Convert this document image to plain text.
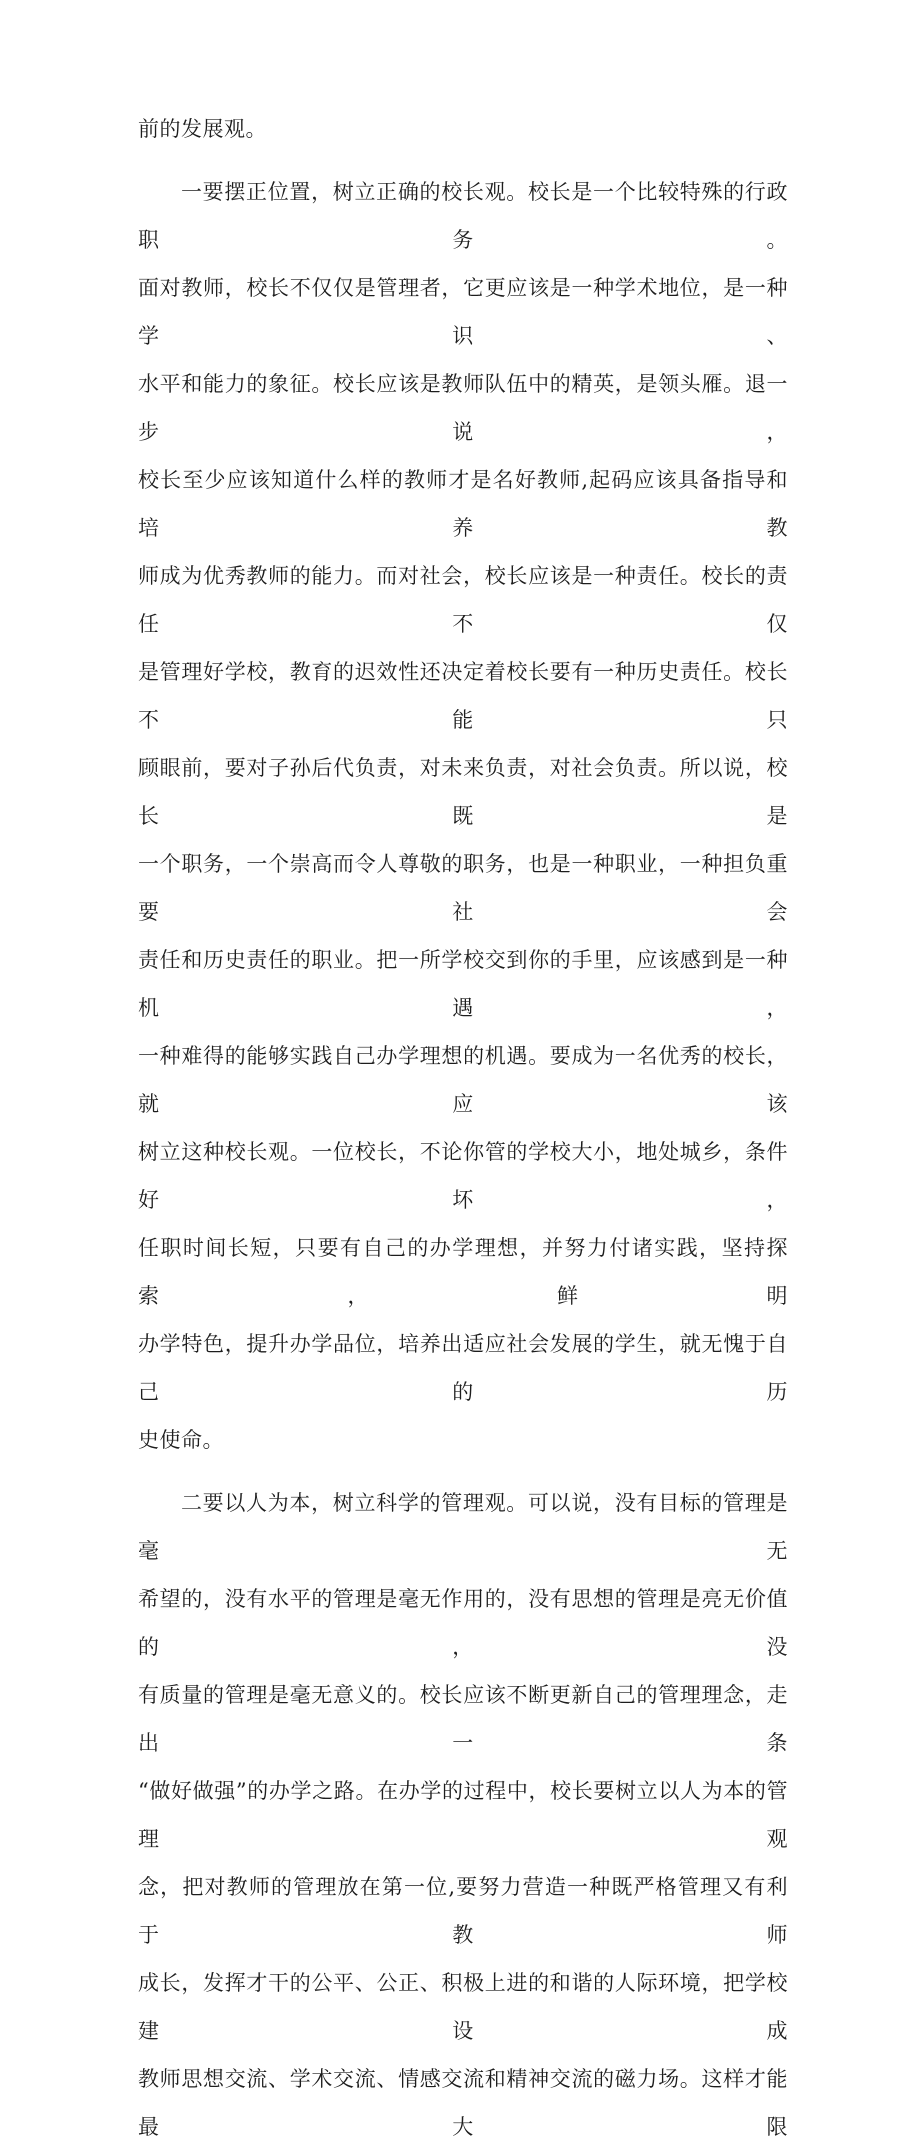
前的发展观。
一要摆正位置，树立正确的校长观。校长是一个比较特殊的行政职务。
面对教师，校长不仅仅是管理者，它更应该是一种学术地位，是一种学识、
水平和能力的象征。校长应该是教师队伍中的精英，是领头雁。退一步说，
校长至少应该知道什么样的教师才是名好教师,起码应该具备指导和培养教
师成为优秀教师的能力。而对社会，校长应该是一种责任。校长的责任不仅
是管理好学校，教育的迟效性还决定着校长要有一种历史责任。校长不能只
顾眼前，要对子孙后代负责，对未来负责，对社会负责。所以说，校长既是
一个职务，一个崇高而令人尊敬的职务，也是一种职业，一种担负重要社会
责任和历史责任的职业。把一所学校交到你的手里，应该感到是一种机遇，
一种难得的能够实践自己办学理想的机遇。要成为一名优秀的校长，就应该
树立这种校长观。一位校长，不论你管的学校大小，地处城乡，条件好坏，
任职时间长短，只要有自己的办学理想，并努力付诸实践，坚持探索，鲜明
办学特色，提升办学品位，培养出适应社会发展的学生，就无愧于自己的历
史使命。
二要以人为本，树立科学的管理观。可以说，没有目标的管理是毫无
希望的，没有水平的管理是毫无作用的，没有思想的管理是亮无价值的，没
有质量的管理是毫无意义的。校长应该不断更新自己的管理理念，走出一条
“做好做强”的办学之路。在办学的过程中，校长要树立以人为本的管理观
念，把对教师的管理放在第一位,要努力营造一种既严格管理又有利于教师
成长，发挥才干的公平、公正、积极上进的和谐的人际环境，把学校建设成
教师思想交流、学术交流、情感交流和精神交流的磁力场。这样才能最大限
